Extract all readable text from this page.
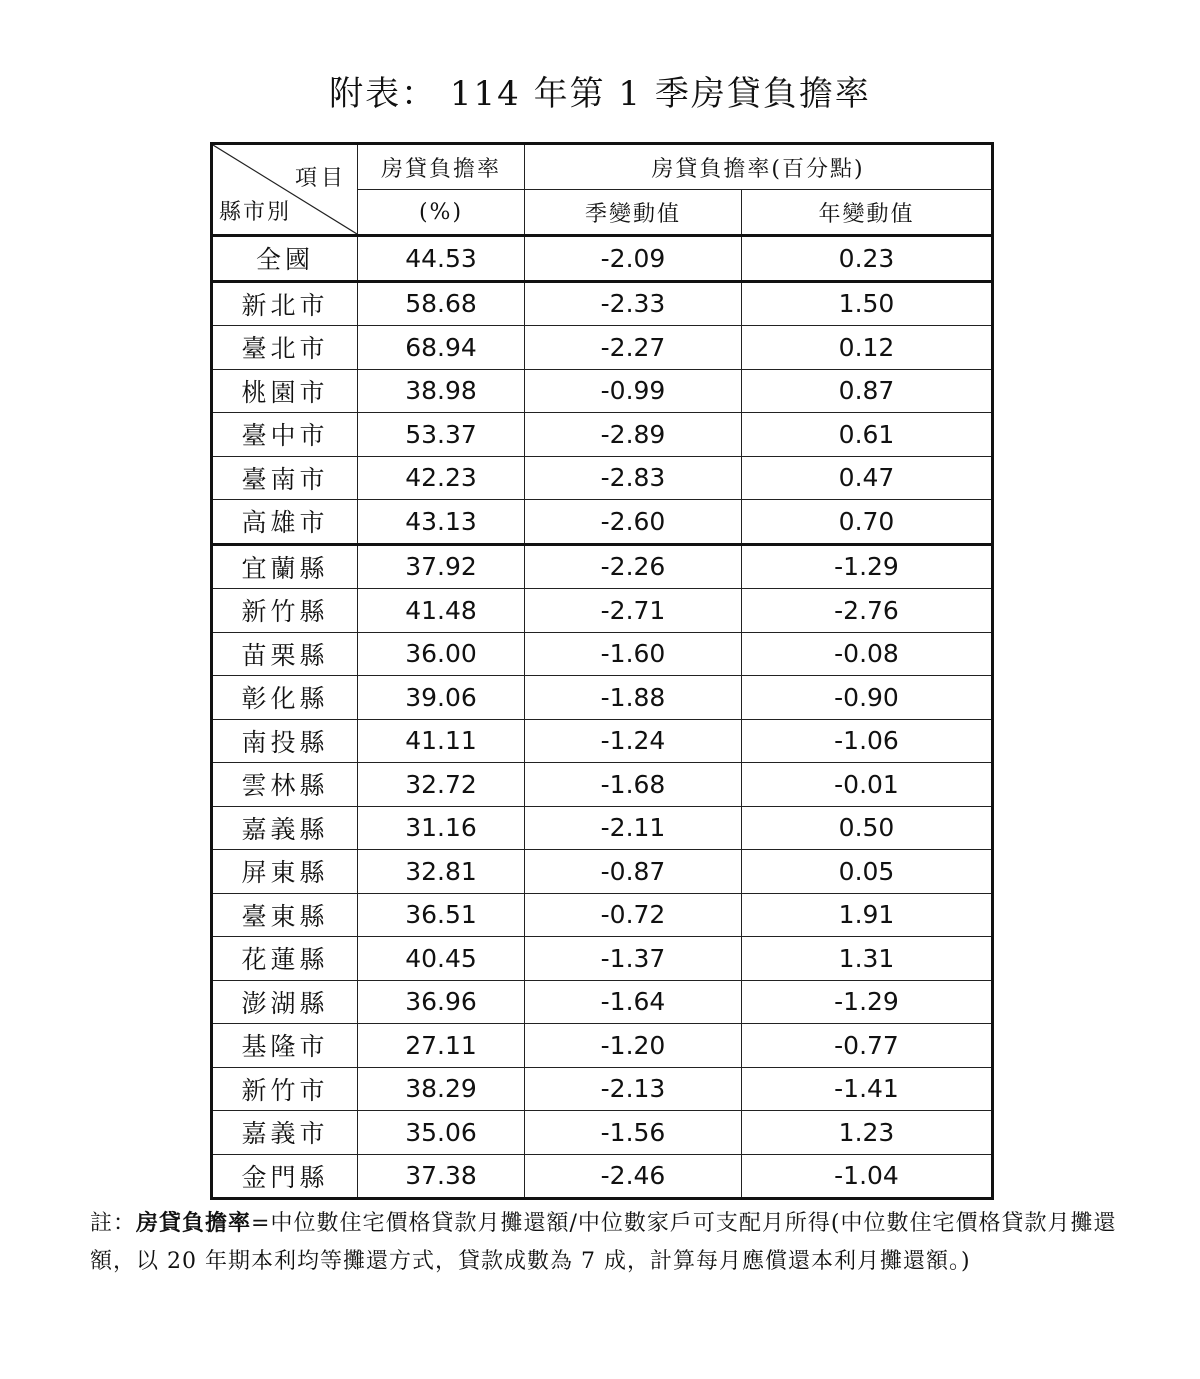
附表： 114 年第 1 季房貸負擔率
項目
縣市別	房貸負擔率	房貸負擔率(百分點)	
	(%)	季變動值	年變動值
全國	44.53	-2.09	0.23
新北市	58.68	-2.33	1.50
臺北市	68.94	-2.27	0.12
桃園市	38.98	-0.99	0.87
臺中市	53.37	-2.89	0.61
臺南市	42.23	-2.83	0.47
高雄市	43.13	-2.60	0.70
宜蘭縣	37.92	-2.26	-1.29
新竹縣	41.48	-2.71	-2.76
苗栗縣	36.00	-1.60	-0.08
彰化縣	39.06	-1.88	-0.90
南投縣	41.11	-1.24	-1.06
雲林縣	32.72	-1.68	-0.01
嘉義縣	31.16	-2.11	0.50
屏東縣	32.81	-0.87	0.05
臺東縣	36.51	-0.72	1.91
花蓮縣	40.45	-1.37	1.31
澎湖縣	36.96	-1.64	-1.29
基隆市	27.11	-1.20	-0.77
新竹市	38.29	-2.13	-1.41
嘉義市	35.06	-1.56	1.23
金門縣	37.38	-2.46	-1.04
註：房貸負擔率=中位數住宅價格貸款月攤還額/中位數家戶可支配月所得(中位數住宅價格貸款月攤還額，以 20 年期本利均等攤還方式，貸款成數為 7 成，計算每月應償還本利月攤還額。)
